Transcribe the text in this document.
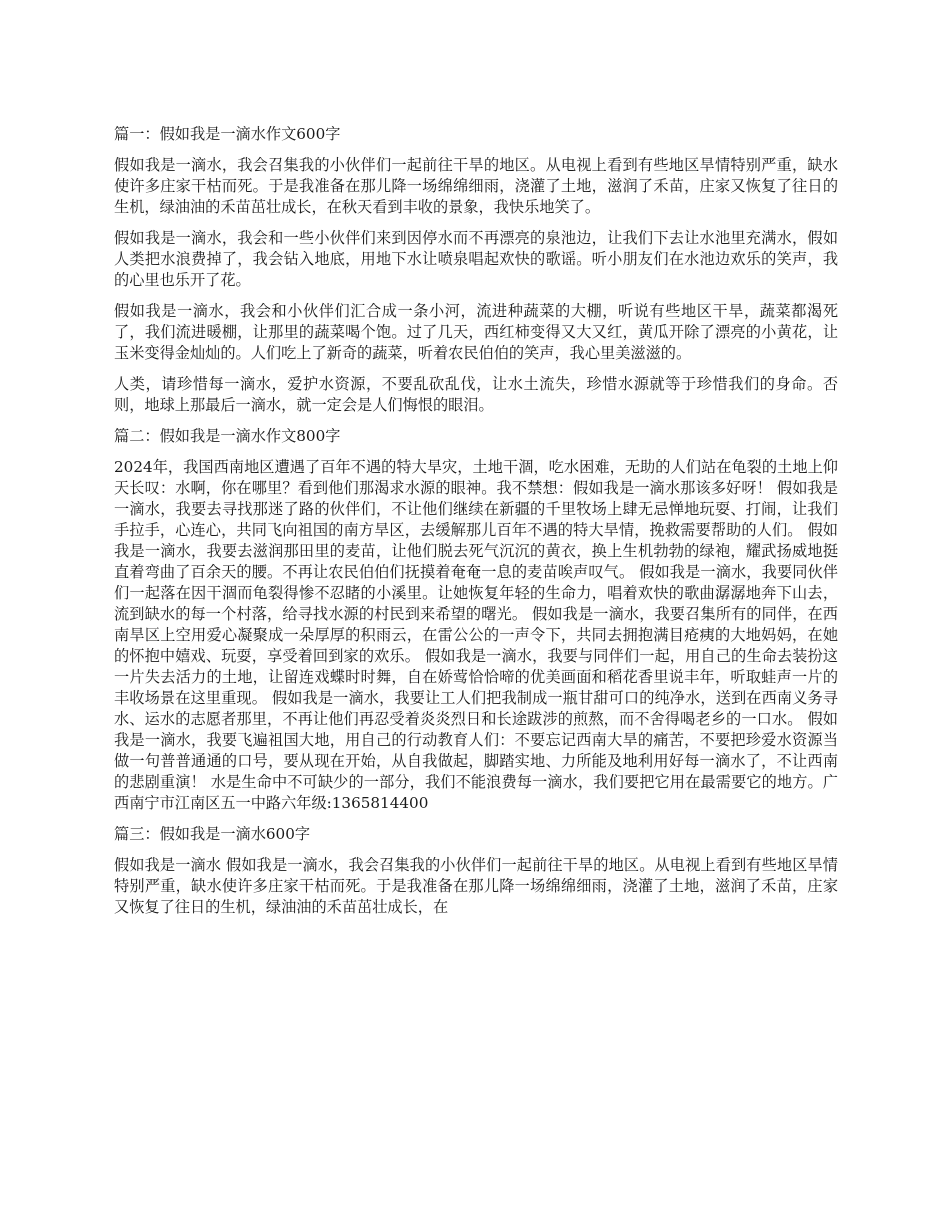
篇一：假如我是一滴水作文600字

假如我是一滴水，我会召集我的小伙伴们一起前往干旱的地区。从电视上看到有些地区旱情特别严重，缺水使许多庄家干枯而死。于是我准备在那儿降一场绵绵细雨，浇灌了土地，滋润了禾苗，庄家又恢复了往日的生机，绿油油的禾苗茁壮成长，在秋天看到丰收的景象，我快乐地笑了。

假如我是一滴水，我会和一些小伙伴们来到因停水而不再漂亮的泉池边，让我们下去让水池里充满水，假如人类把水浪费掉了，我会钻入地底，用地下水让喷泉唱起欢快的歌谣。听小朋友们在水池边欢乐的笑声，我的心里也乐开了花。

假如我是一滴水，我会和小伙伴们汇合成一条小河，流进种蔬菜的大棚，听说有些地区干旱，蔬菜都渴死了，我们流进暖棚，让那里的蔬菜喝个饱。过了几天，西红柿变得又大又红，黄瓜开除了漂亮的小黄花，让玉米变得金灿灿的。人们吃上了新奇的蔬菜，听着农民伯伯的笑声，我心里美滋滋的。

人类，请珍惜每一滴水，爱护水资源，不要乱砍乱伐，让水土流失，珍惜水源就等于珍惜我们的身命。否则，地球上那最后一滴水，就一定会是人们悔恨的眼泪。

篇二：假如我是一滴水作文800字

2024年，我国西南地区遭遇了百年不遇的特大旱灾，土地干涸，吃水困难，无助的人们站在龟裂的土地上仰天长叹：水啊，你在哪里？看到他们那渴求水源的眼神。我不禁想：假如我是一滴水那该多好呀！ 假如我是一滴水，我要去寻找那迷了路的伙伴们，不让他们继续在新疆的千里牧场上肆无忌惮地玩耍、打闹，让我们手拉手，心连心，共同飞向祖国的南方旱区，去缓解那儿百年不遇的特大旱情，挽救需要帮助的人们。 假如我是一滴水，我要去滋润那田里的麦苗，让他们脱去死气沉沉的黄衣，换上生机勃勃的绿袍，耀武扬威地挺直着弯曲了百余天的腰。不再让农民伯伯们抚摸着奄奄一息的麦苗唉声叹气。 假如我是一滴水，我要同伙伴们一起落在因干涸而龟裂得惨不忍睹的小溪里。让她恢复年轻的生命力，唱着欢快的歌曲潺潺地奔下山去，流到缺水的每一个村落，给寻找水源的村民到来希望的曙光。 假如我是一滴水，我要召集所有的同伴，在西南旱区上空用爱心凝聚成一朵厚厚的积雨云，在雷公公的一声令下，共同去拥抱满目疮痍的大地妈妈，在她的怀抱中嬉戏、玩耍，享受着回到家的欢乐。 假如我是一滴水，我要与同伴们一起，用自己的生命去装扮这一片失去活力的土地，让留连戏蝶时时舞，自在娇莺恰恰啼的优美画面和稻花香里说丰年，听取蛙声一片的丰收场景在这里重现。 假如我是一滴水，我要让工人们把我制成一瓶甘甜可口的纯净水，送到在西南义务寻水、运水的志愿者那里，不再让他们再忍受着炎炎烈日和长途跋涉的煎熬，而不舍得喝老乡的一口水。 假如我是一滴水，我要飞遍祖国大地，用自己的行动教育人们：不要忘记西南大旱的痛苦，不要把珍爱水资源当做一句普普通通的口号，要从现在开始，从自我做起，脚踏实地、力所能及地利用好每一滴水了，不让西南的悲剧重演！ 水是生命中不可缺少的一部分，我们不能浪费每一滴水，我们要把它用在最需要它的地方。广西南宁市江南区五一中路六年级:1365814400

篇三：假如我是一滴水600字

假如我是一滴水 假如我是一滴水，我会召集我的小伙伴们一起前往干旱的地区。从电视上看到有些地区旱情特别严重，缺水使许多庄家干枯而死。于是我准备在那儿降一场绵绵细雨，浇灌了土地，滋润了禾苗，庄家又恢复了往日的生机，绿油油的禾苗茁壮成长，在
